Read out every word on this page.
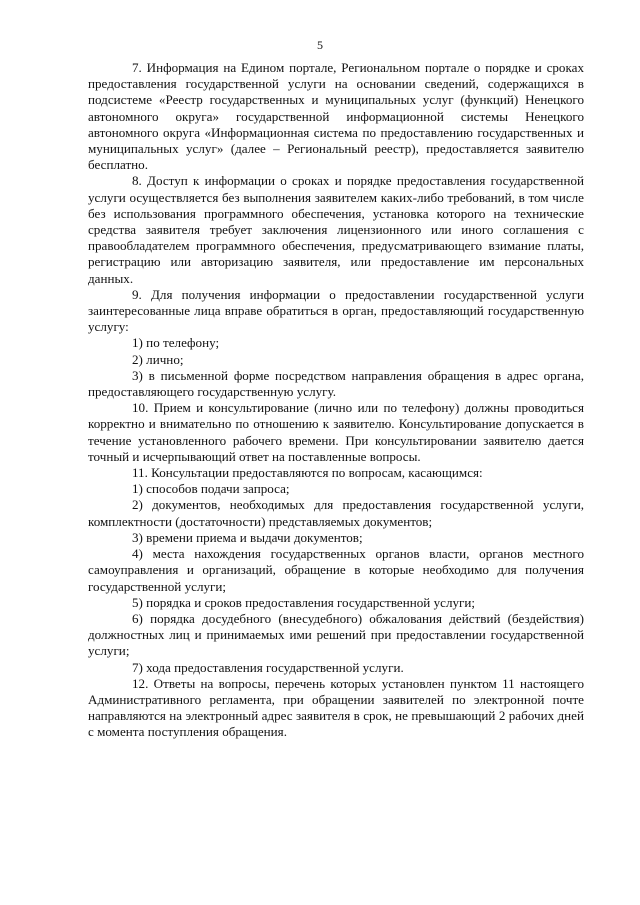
5

7. Информация на Едином портале, Региональном портале о порядке и сроках предоставления государственной услуги на основании сведений, содержащихся в подсистеме «Реестр государственных и муниципальных услуг (функций) Ненецкого автономного округа» государственной информационной системы Ненецкого автономного округа «Информационная система по предоставлению государственных и муниципальных услуг» (далее – Региональный реестр), предоставляется заявителю бесплатно.

8. Доступ к информации о сроках и порядке предоставления государственной услуги осуществляется без выполнения заявителем каких-либо требований, в том числе без использования программного обеспечения, установка которого на технические средства заявителя требует заключения лицензионного или иного соглашения с правообладателем программного обеспечения, предусматривающего взимание платы, регистрацию или авторизацию заявителя, или предоставление им персональных данных.

9. Для получения информации о предоставлении государственной услуги заинтересованные лица вправе обратиться в орган, предоставляющий государственную услугу:

1) по телефону;

2) лично;

3) в письменной форме посредством направления обращения в адрес органа, предоставляющего государственную услугу.

10. Прием и консультирование (лично или по телефону) должны проводиться корректно и внимательно по отношению к заявителю. Консультирование допускается в течение установленного рабочего времени. При консультировании заявителю дается точный и исчерпывающий ответ на поставленные вопросы.

11. Консультации предоставляются по вопросам, касающимся:

1) способов подачи запроса;

2) документов, необходимых для предоставления государственной услуги, комплектности (достаточности) представляемых документов;

3) времени приема и выдачи документов;

4) места нахождения государственных органов власти, органов местного самоуправления и организаций, обращение в которые необходимо для получения государственной услуги;

5) порядка и сроков предоставления государственной услуги;

6) порядка досудебного (внесудебного) обжалования действий (бездействия) должностных лиц и принимаемых ими решений при предоставлении государственной услуги;

7) хода предоставления государственной услуги.

12. Ответы на вопросы, перечень которых установлен пунктом 11 настоящего Административного регламента, при обращении заявителей по электронной почте направляются на электронный адрес заявителя в срок, не превышающий 2 рабочих дней с момента поступления обращения.
